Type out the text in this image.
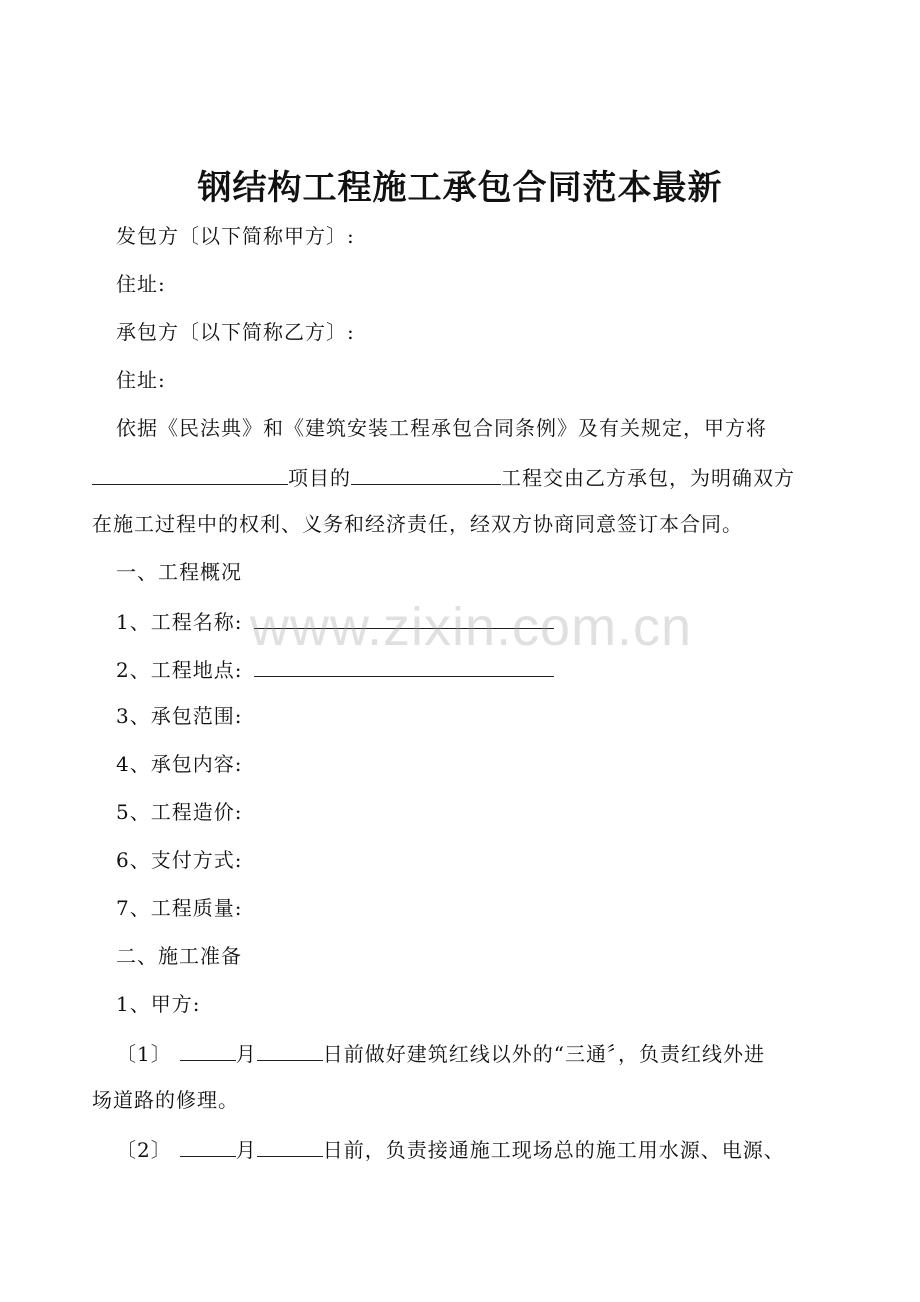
钢结构工程施工承包合同范本最新
发包方〔以下简称甲方〕:
住址:
承包方〔以下简称乙方〕:
住址:
依据《民法典》和《建筑安装工程承包合同条例》及有关规定，甲方将
项目的	工程交由乙方承包，为明确双方
在施工过程中的权利、义务和经济责任，经双方协商同意签订本合同。
一、工程概况
1、工程名称:
2、工程地点:
3、承包范围:
4、承包内容:
5、工程造价:
6、支付方式:
7、工程质量:
二、施工准备
1、甲方:
〔1〕	月	日前做好建筑红线以外的“三通〞，负责红线外进
场道路的修理。
〔2〕	月	日前，负责接通施工现场总的施工用水源、电源、
www.zixin.com.cn
